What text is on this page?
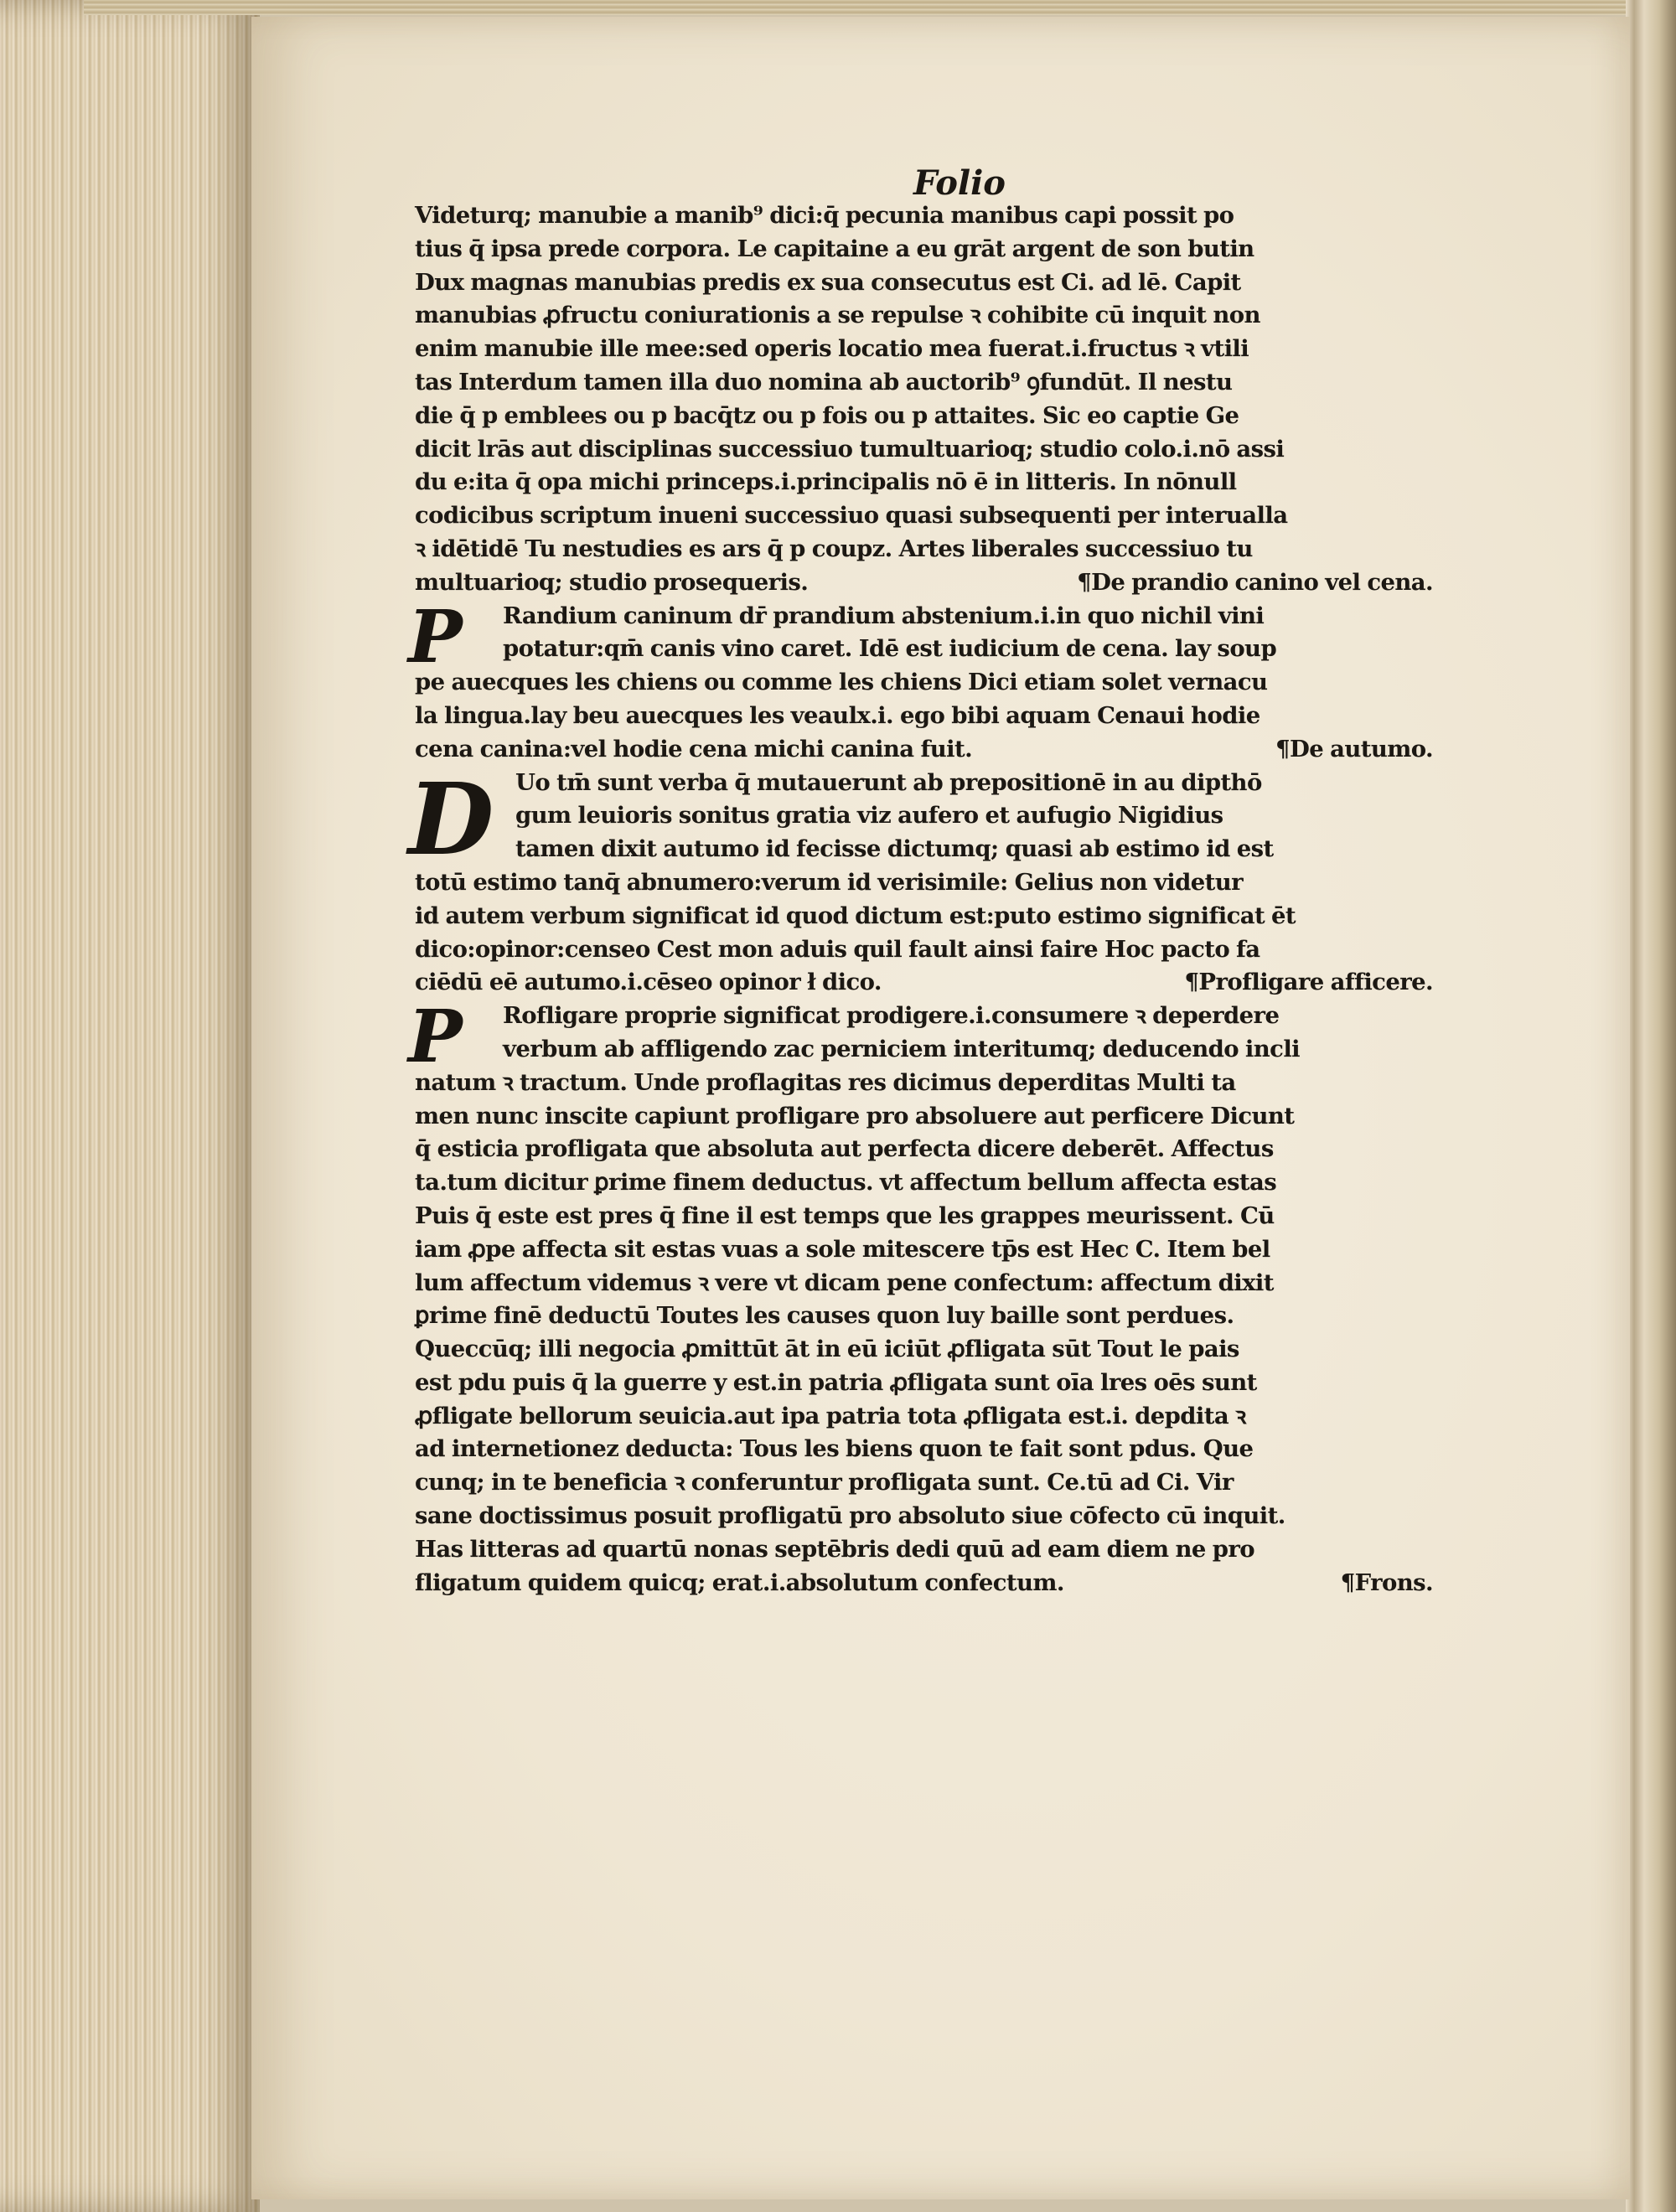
Folio
Videturq; manubie a manib⁹ dici:q̄ pecunia manibus capi possit po
tius q̄ ipsa prede corpora. Le capitaine a eu grāt argent de son butin
Dux magnas manubias predis ex sua consecutus est Ci. ad lē. Capit
manubias ꝓfructu coniurationis a se repulse ꝛ cohibite cū inquit non
enim manubie ille mee:sed operis locatio mea fuerat.i.fructus ꝛ vtili
tas Interdum tamen illa duo nomina ab auctorib⁹ ꝯfundūt. Il nestu
die q̄ p emblees ou p bacq̄tz ou p fois ou p attaites. Sic eo captie Ge
dicit lrās aut disciplinas successiuo tumultuarioq; studio colo.i.nō assi
du e:ita q̄ opa michi princeps.i.principalis nō ē in litteris. In nōnull
codicibus scriptum inueni successiuo quasi subsequenti per interualla
ꝛ idētidē Tu nestudies es ars q̄ p coupz. Artes liberales successiuo tu
multuarioq; studio prosequeris.	¶De prandio canino vel cena.
P	Randium caninum dr̄ prandium abstenium.i.in quo nichil vini
potatur:qm̄ canis vino caret. Idē est iudicium de cena. lay soup
pe auecques les chiens ou comme les chiens Dici etiam solet vernacu
la lingua.lay beu auecques les veaulx.i. ego bibi aquam Cenaui hodie
cena canina:vel hodie cena michi canina fuit.	¶De autumo.
D Uo tm̄ sunt verba q̄ mutauerunt ab prepositionē in au dipthō
gum leuioris sonitus gratia viz aufero et aufugio Nigidius
tamen dixit autumo id fecisse dictumq; quasi ab estimo id est
totū estimo tanq̄ abnumero:verum id verisimile: Gelius non videtur
id autem verbum significat id quod dictum est:puto estimo significat ēt
dico:opinor:censeo Cest mon aduis quil fault ainsi faire Hoc pacto fa
ciēdū eē autumo.i.cēseo opinor ł dico.	¶Profligare afficere.
P	Rofligare proprie significat prodigere.i.consumere ꝛ deperdere
verbum ab affligendo zac perniciem interitumq; deducendo incli
natum ꝛ tractum. Unde proflagitas res dicimus deperditas Multi ta
men nunc inscite capiunt profligare pro absoluere aut perficere Dicunt
q̄ esticia profligata que absoluta aut perfecta dicere deberēt. Affectus
ta.tum dicitur ꝑrime finem deductus. vt affectum bellum affecta estas
Puis q̄ este est pres q̄ fine il est temps que les grappes meurissent. Cū
iam ꝓpe affecta sit estas vuas a sole mitescere tp̄s est Hec C. Item bel
lum affectum videmus ꝛ vere vt dicam pene confectum: affectum dixit
ꝑrime finē deductū Toutes les causes quon luy baille sont perdues.
Queccūq; illi negocia ꝓmittūt āt in eū iciūt ꝓfligata sūt Tout le pais
est pdu puis q̄ la guerre y est.in patria ꝓfligata sunt oīa lres oēs sunt
ꝓfligate bellorum seuicia.aut ipa patria tota ꝓfligata est.i. depdita ꝛ
ad internetionez deducta: Tous les biens quon te fait sont pdus. Que
cunq; in te beneficia ꝛ conferuntur profligata sunt. Ce.tū ad Ci. Vir
sane doctissimus posuit profligatū pro absoluto siue cōfecto cū inquit.
Has litteras ad quartū nonas septēbris dedi quū ad eam diem ne pro
fligatum quidem quicq; erat.i.absolutum confectum.	¶Frons.
